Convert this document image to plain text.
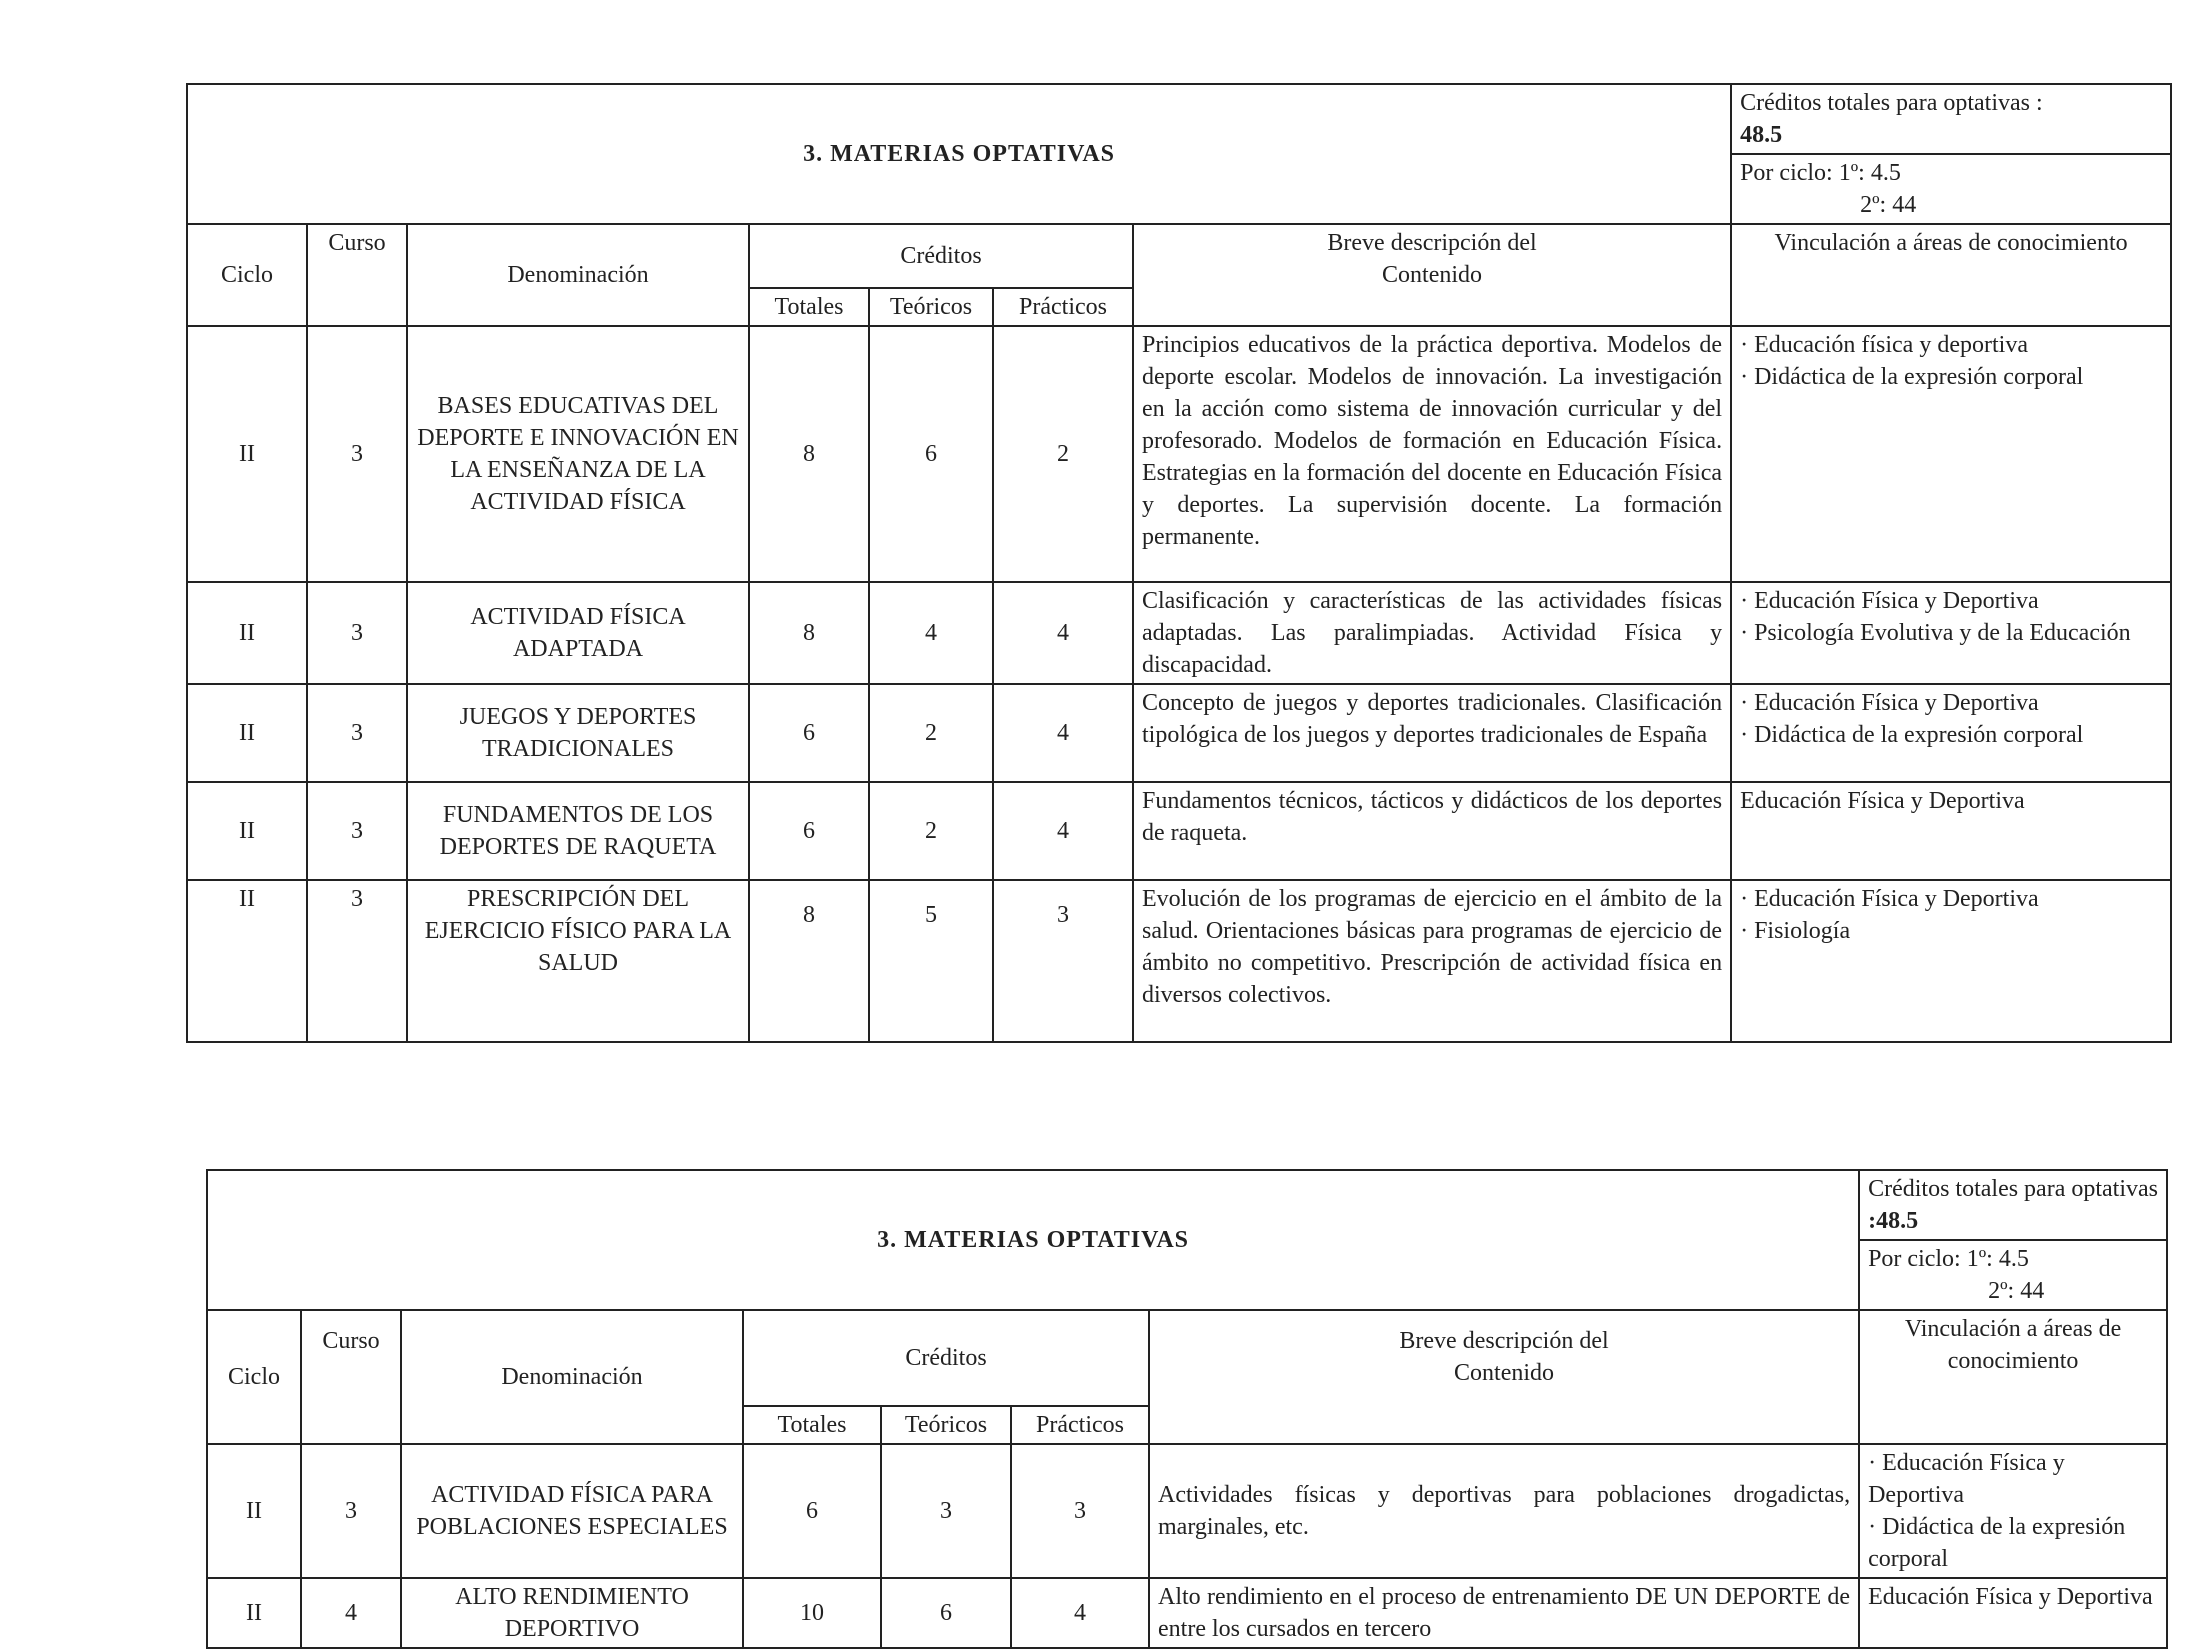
3. MATERIAS OPTATIVAS							Créditos totales para optativas :
48.5

							Por ciclo: 1º: 4.5
2º: 44

Ciclo	Curso	Denominación	Créditos			Breve descripción del
Contenido	Vinculación a áreas de conocimiento
			Totales	Teóricos	Prácticos		
II	3	BASES EDUCATIVAS DEL DEPORTE E INNOVACIÓN EN LA ENSEÑANZA DE LA ACTIVIDAD FÍSICA	8	6	2	Principios educativos de la práctica deportiva. Modelos de deporte escolar. Modelos de innovación. La investigación en la acción como sistema de innovación curricular y del profesorado. Modelos de formación en Educación Física. Estrategias en la formación del docente en Educación Física y deportes. La supervisión docente. La formación permanente.	· Educación física y deportiva
· Didáctica de la expresión corporal

II	3	ACTIVIDAD FÍSICA ADAPTADA	8	4	4	Clasificación y características de las actividades físicas adaptadas. Las paralimpiadas. Actividad Física y discapacidad.	· Educación Física y Deportiva
· Psicología Evolutiva y de la Educación

II	3	JUEGOS Y DEPORTES TRADICIONALES	6	2	4	Concepto de juegos y deportes tradicionales. Clasificación tipológica de los juegos y deportes tradicionales de España	· Educación Física y Deportiva
· Didáctica de la expresión corporal

II	3	FUNDAMENTOS DE LOS DEPORTES DE RAQUETA	6	2	4	Fundamentos técnicos, tácticos y didácticos de los deportes de raqueta.	Educación Física y Deportiva

II	3	PRESCRIPCIÓN DEL EJERCICIO FÍSICO PARA LA SALUD	8	5	3	Evolución de los programas de ejercicio en el ámbito de la salud. Orientaciones básicas para programas de ejercicio de ámbito no competitivo. Prescripción de actividad física en diversos colectivos.	· Educación Física y Deportiva
· Fisiología
3. MATERIAS OPTATIVAS							Créditos totales para optativas
:48.5

							Por ciclo: 1º: 4.5
2º: 44

Ciclo	Curso	Denominación	Créditos			Breve descripción del
Contenido	Vinculación a áreas de conocimiento
			Totales	Teóricos	Prácticos		
II	3	ACTIVIDAD FÍSICA PARA POBLACIONES ESPECIALES	6	3	3	Actividades físicas y deportivas para poblaciones drogadictas, marginales, etc.	· Educación Física y Deportiva
· Didáctica de la expresión corporal

II	4	ALTO RENDIMIENTO DEPORTIVO	10	6	4	Alto rendimiento en el proceso de entrenamiento DE UN DEPORTE de entre los cursados en tercero	Educación Física y Deportiva
